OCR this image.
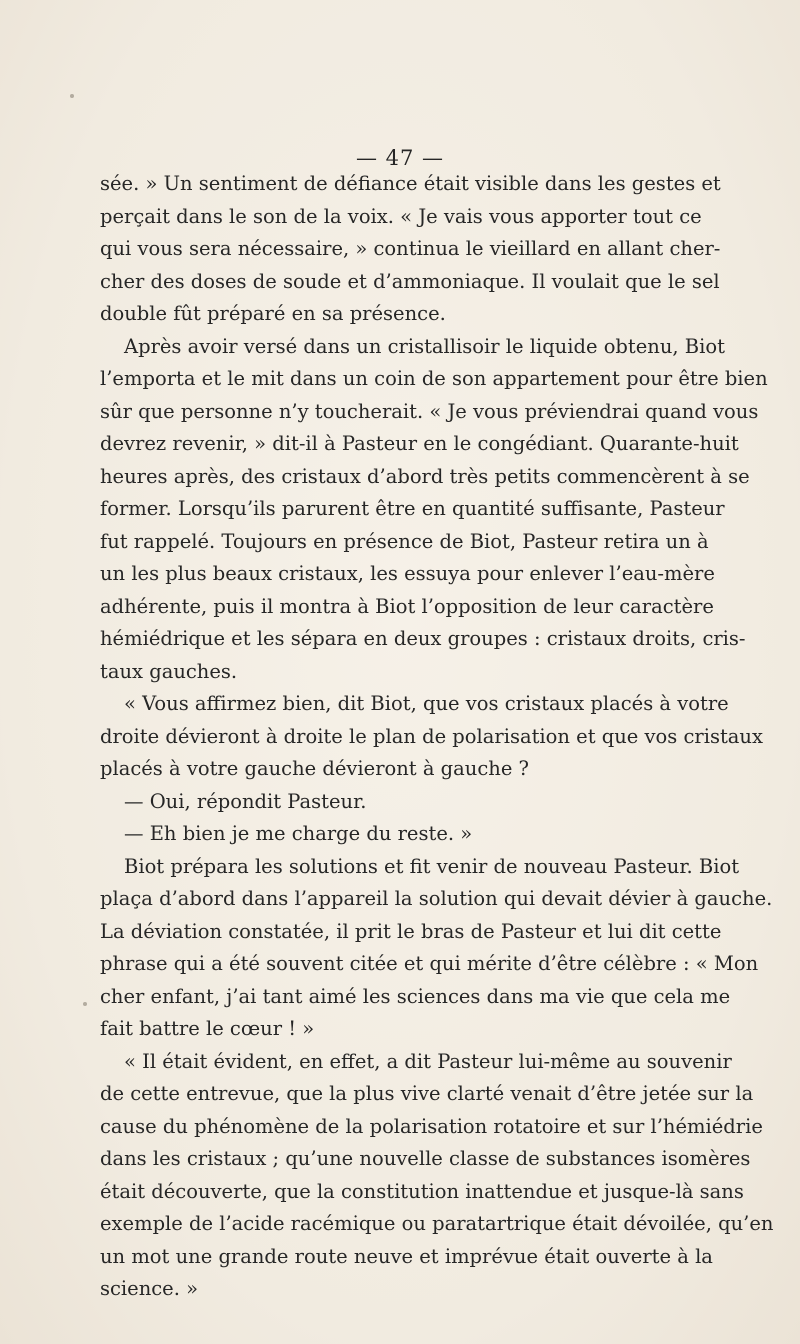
— 47 —
sée. » Un sentiment de défiance était visible dans les gestes et
perçait dans le son de la voix. « Je vais vous apporter tout ce
qui vous sera nécessaire, » continua le vieillard en allant cher-
cher des doses de soude et d’ammoniaque. Il voulait que le sel
double fût préparé en sa présence.
Après avoir versé dans un cristallisoir le liquide obtenu, Biot
l’emporta et le mit dans un coin de son appartement pour être bien
sûr que personne n’y toucherait. « Je vous préviendrai quand vous
devrez revenir, » dit-il à Pasteur en le congédiant. Quarante-huit
heures après, des cristaux d’abord très petits commencèrent à se
former. Lorsqu’ils parurent être en quantité suffisante, Pasteur
fut rappelé. Toujours en présence de Biot, Pasteur retira un à
un les plus beaux cristaux, les essuya pour enlever l’eau-mère
adhérente, puis il montra à Biot l’opposition de leur caractère
hémiédrique et les sépara en deux groupes : cristaux droits, cris-
taux gauches.
« Vous affirmez bien, dit Biot, que vos cristaux placés à votre
droite dévieront à droite le plan de polarisation et que vos cristaux
placés à votre gauche dévieront à gauche ?
— Oui, répondit Pasteur.
— Eh bien je me charge du reste. »
Biot prépara les solutions et fit venir de nouveau Pasteur. Biot
plaça d’abord dans l’appareil la solution qui devait dévier à gauche.
La déviation constatée, il prit le bras de Pasteur et lui dit cette
phrase qui a été souvent citée et qui mérite d’être célèbre : « Mon
cher enfant, j’ai tant aimé les sciences dans ma vie que cela me
fait battre le cœur ! »
« Il était évident, en effet, a dit Pasteur lui-même au souvenir
de cette entrevue, que la plus vive clarté venait d’être jetée sur la
cause du phénomène de la polarisation rotatoire et sur l’hémiédrie
dans les cristaux ; qu’une nouvelle classe de substances isomères
était découverte, que la constitution inattendue et jusque-là sans
exemple de l’acide racémique ou paratartrique était dévoilée, qu’en
un mot une grande route neuve et imprévue était ouverte à la
science. »
